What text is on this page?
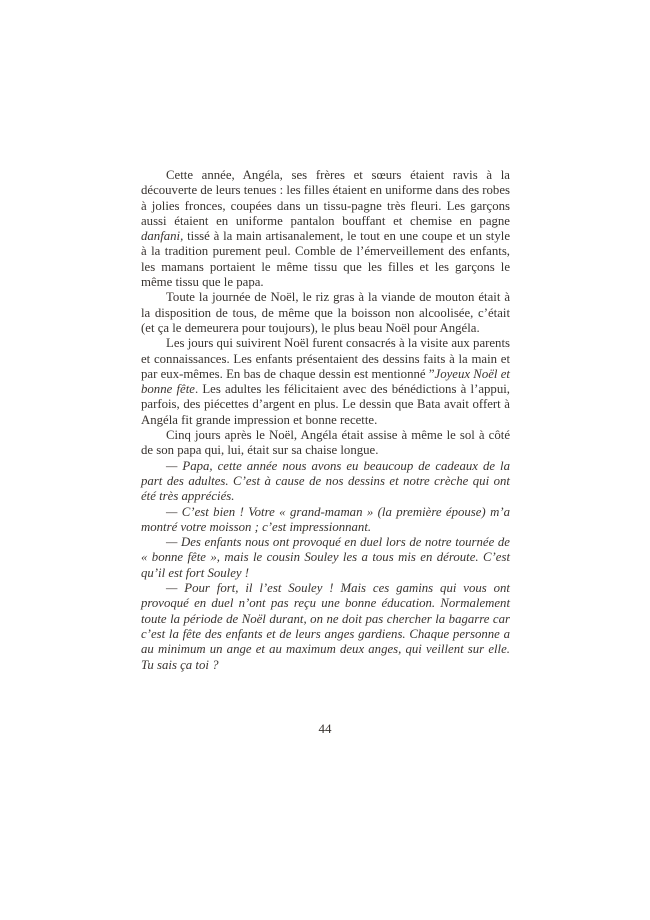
Cette année, Angéla, ses frères et sœurs étaient ravis à la découverte de leurs tenues : les filles étaient en uniforme dans des robes à jolies fronces, coupées dans un tissu-pagne très fleuri. Les garçons aussi étaient en uniforme pantalon bouffant et chemise en pagne danfani, tissé à la main artisanalement, le tout en une coupe et un style à la tradition purement peul. Comble de l’émerveillement des enfants, les mamans portaient le même tissu que les filles et les garçons le même tissu que le papa.

Toute la journée de Noël, le riz gras à la viande de mouton était à la disposition de tous, de même que la boisson non alcoolisée, c’était (et ça le demeurera pour toujours), le plus beau Noël pour Angéla.

Les jours qui suivirent Noël furent consacrés à la visite aux parents et connaissances. Les enfants présentaient des dessins faits à la main et par eux-mêmes. En bas de chaque dessin est mentionné ”Joyeux Noël et bonne fête. Les adultes les félicitaient avec des bénédictions à l’appui, parfois, des piécettes d’argent en plus. Le dessin que Bata avait offert à Angéla fit grande impression et bonne recette.

Cinq jours après le Noël, Angéla était assise à même le sol à côté de son papa qui, lui, était sur sa chaise longue.

— Papa, cette année nous avons eu beaucoup de cadeaux de la part des adultes. C’est à cause de nos dessins et notre crèche qui ont été très appréciés.

— C’est bien ! Votre « grand-maman » (la première épouse) m’a montré votre moisson ; c’est impressionnant.

— Des enfants nous ont provoqué en duel lors de notre tournée de « bonne fête », mais le cousin Souley les a tous mis en déroute. C’est qu’il est fort Souley !

— Pour fort, il l’est Souley ! Mais ces gamins qui vous ont provoqué en duel n’ont pas reçu une bonne éducation. Normalement toute la période de Noël durant, on ne doit pas chercher la bagarre car c’est la fête des enfants et de leurs anges gardiens. Chaque personne a au minimum un ange et au maximum deux anges, qui veillent sur elle. Tu sais ça toi ?

44
